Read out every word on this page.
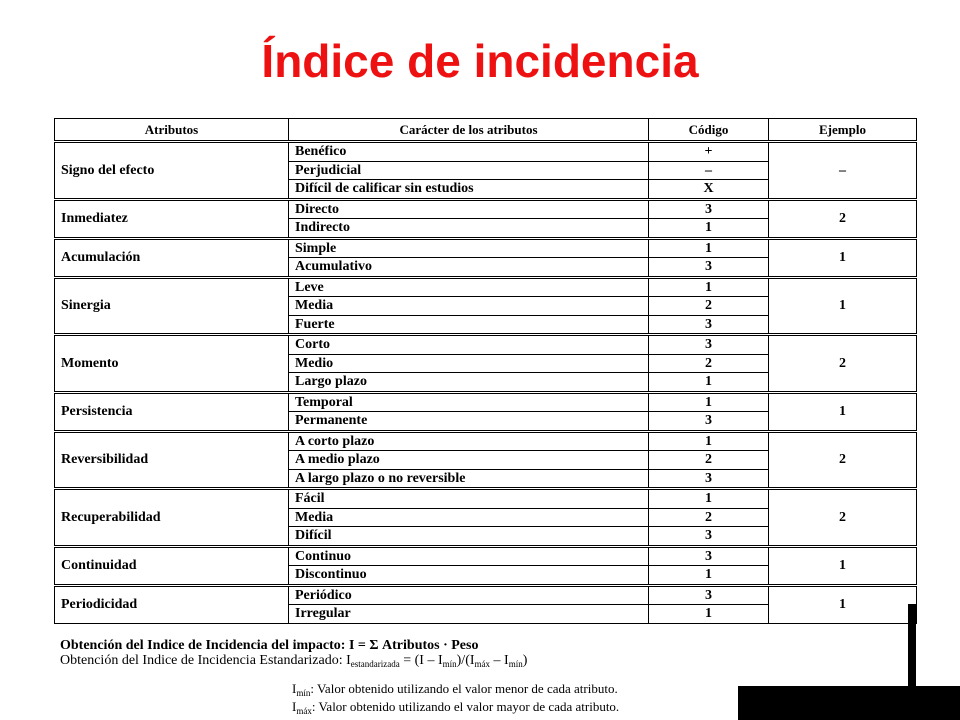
Índice de incidencia
Atributos	Carácter de los atributos	Código	Ejemplo
Signo del efecto	Benéfico	+	–
	Perjudicial	–	
	Difícil de calificar sin estudios	X	
Inmediatez	Directo	3	2
	Indirecto	1	
Acumulación	Simple	1	1
	Acumulativo	3	
Sinergia	Leve	1	1
	Media	2	
	Fuerte	3	
Momento	Corto	3	2
	Medio	2	
	Largo plazo	1	
Persistencia	Temporal	1	1
	Permanente	3	
Reversibilidad	A corto plazo	1	2
	A medio plazo	2	
	A largo plazo o no reversible	3	
Recuperabilidad	Fácil	1	2
	Media	2	
	Difícil	3	
Continuidad	Continuo	3	1
	Discontinuo	1	
Periodicidad	Periódico	3	1
	Irregular	1	
Obtención del Indice de Incidencia del impacto: I = Σ Atributos · Peso
Obtención del Indice de Incidencia Estandarizado: $I_{estandarizada} = (I - I_{mín})/(I_{máx} - I_{mín})$
$I_{mín}$: Valor obtenido utilizando el valor menor de cada atributo.
$I_{máx}$: Valor obtenido utilizando el valor mayor de cada atributo.
